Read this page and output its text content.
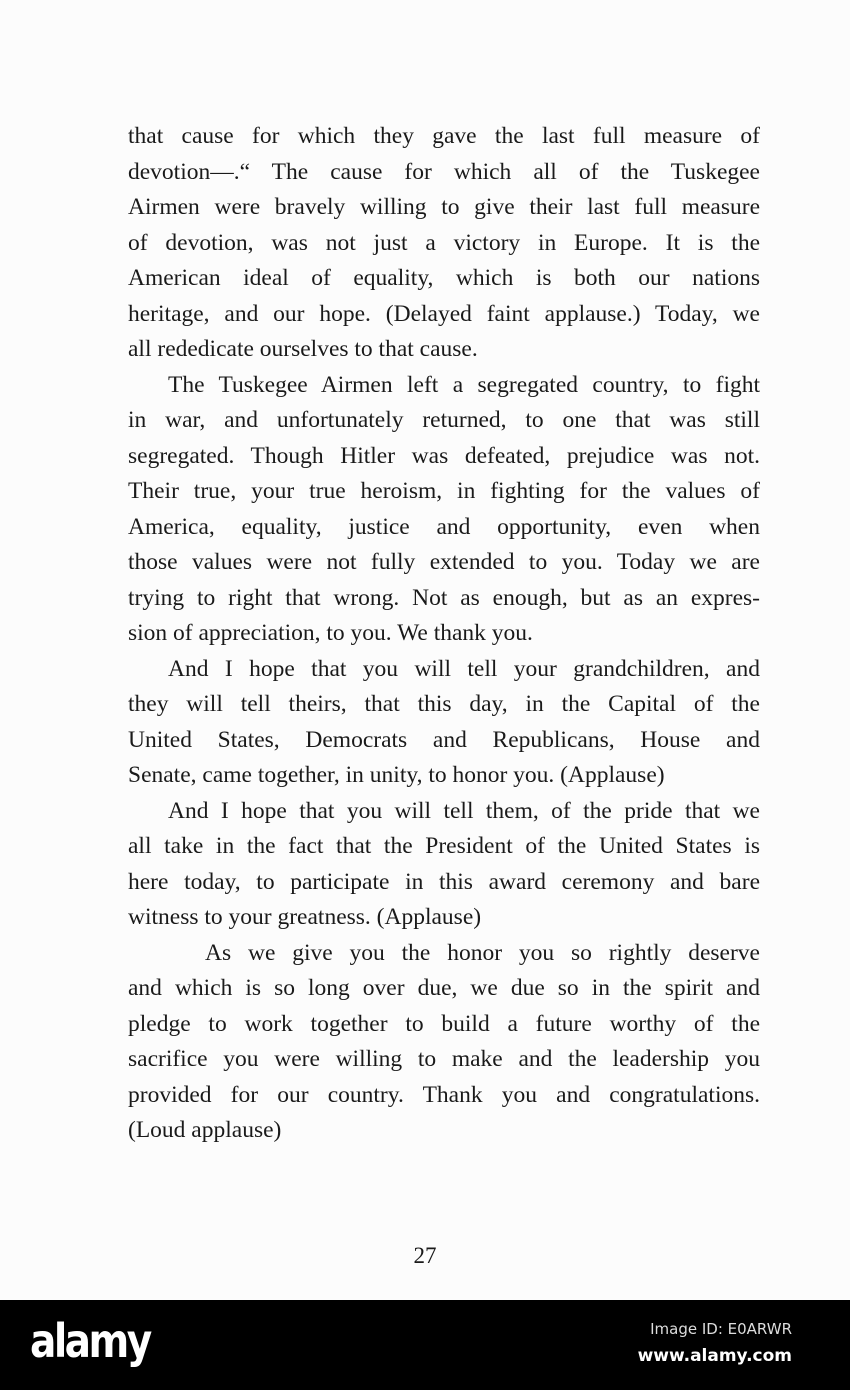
that cause for which they gave the last full measure of
devotion—.“ The cause for which all of the Tuskegee
Airmen were bravely willing to give their last full measure
of devotion, was not just a victory in Europe. It is the
American ideal of equality, which is both our nations
heritage, and our hope. (Delayed faint applause.) Today, we
all rededicate ourselves to that cause.
The Tuskegee Airmen left a segregated country, to fight
in war, and unfortunately returned, to one that was still
segregated. Though Hitler was defeated, prejudice was not.
Their true, your true heroism, in fighting for the values of
America, equality, justice and opportunity, even when
those values were not fully extended to you. Today we are
trying to right that wrong. Not as enough, but as an expres-
sion of appreciation, to you. We thank you.
And I hope that you will tell your grandchildren, and
they will tell theirs, that this day, in the Capital of the
United States, Democrats and Republicans, House and
Senate, came together, in unity, to honor you. (Applause)
And I hope that you will tell them, of the pride that we
all take in the fact that the President of the United States is
here today, to participate in this award ceremony and bare
witness to your greatness. (Applause)
As we give you the honor you so rightly deserve
and which is so long over due, we due so in the spirit and
pledge to work together to build a future worthy of the
sacrifice you were willing to make and the leadership you
provided for our country. Thank you and congratulations.
(Loud applause)
27
alamy	Image ID: E0ARWR
www.alamy.com
